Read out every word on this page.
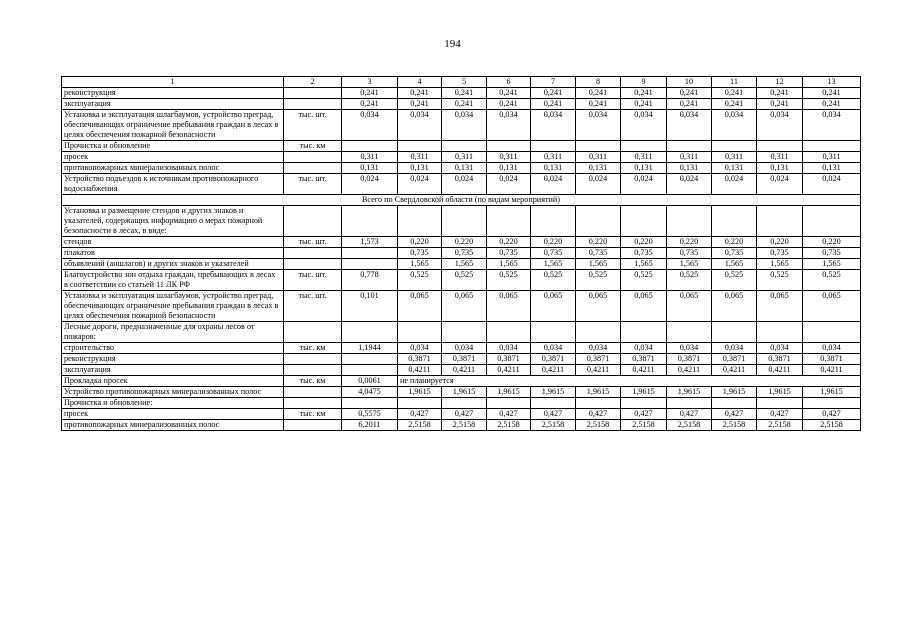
194
1	2	3	4	5	6	7	8	9	10	11	12	13
реконструкция		0,241	0,241	0,241	0,241	0,241	0,241	0,241	0,241	0,241	0,241	0,241
эксплуатация		0,241	0,241	0,241	0,241	0,241	0,241	0,241	0,241	0,241	0,241	0,241
Установка и эксплуатация шлагбаумов, устройство преград, обеспечивающих ограничение пребывания граждан в лесах в целях обеспечения пожарной безопасности	тыс. шт.	0,034	0,034	0,034	0,034	0,034	0,034	0,034	0,034	0,034	0,034	0,034
Прочистка и обновление	тыс. км											
просек		0,311	0,311	0,311	0,311	0,311	0,311	0,311	0,311	0,311	0,311	0,311
противопожарных минерализованных полос		0,131	0,131	0,131	0,131	0,131	0,131	0,131	0,131	0,131	0,131	0,131
Устройство подъездов к источникам противопожарного водоснабжения	тыс. шт.	0,024	0,024	0,024	0,024	0,024	0,024	0,024	0,024	0,024	0,024	0,024
Всего по Свердловской области (по видам мероприятий)												
Установка и размещение стендов и других знаков и указателей, содержащих информацию о мерах пожарной безопасности в лесах, в виде:												
стендов	тыс. шт.	1,573	0,220	0,220	0,220	0,220	0,220	0,220	0,220	0,220	0,220	0,220
плакатов			0,735	0,735	0,735	0,735	0,735	0,735	0,735	0,735	0,735	0,735
объявлений (аншлагов) и других знаков и указателей			1,565	1,565	1,565	1,565	1,565	1,565	1,565	1,565	1,565	1,565
Благоустройство зон отдыха граждан, пребывающих в лесах в соответствии со статьей 11 ЛК РФ	тыс. шт.	0,778	0,525	0,525	0,525	0,525	0,525	0,525	0,525	0,525	0,525	0,525
Установка и эксплуатация шлагбаумов, устройство преград, обеспечивающих ограничение пребывания граждан в лесах в целях обеспечения пожарной безопасности	тыс. шт.	0,101	0,065	0,065	0,065	0,065	0,065	0,065	0,065	0,065	0,065	0,065
Лесные дороги, предназначенные для охраны лесов от пожаров:												
строительство	тыс. км	1,1944	0,034	0,034	0,034	0,034	0,034	0,034	0,034	0,034	0,034	0,034
реконструкция			0,3871	0,3871	0,3871	0,3871	0,3871	0,3871	0,3871	0,3871	0,3871	0,3871
эксплуатация			0,4211	0,4211	0,4211	0,4211	0,4211	0,4211	0,4211	0,4211	0,4211	0,4211
Прокладка просек	тыс. км	0,0061	не планируется									
Устройство противопожарных минерализованных полос		4,0475	1,9615	1,9615	1,9615	1,9615	1,9615	1,9615	1,9615	1,9615	1,9615	1,9615
Прочистка и обновление:												
просек	тыс. км	0,5575	0,427	0,427	0,427	0,427	0,427	0,427	0,427	0,427	0,427	0,427
противопожарных минерализованных полос		6,2011	2,5158	2,5158	2,5158	2,5158	2,5158	2,5158	2,5158	2,5158	2,5158	2,5158
